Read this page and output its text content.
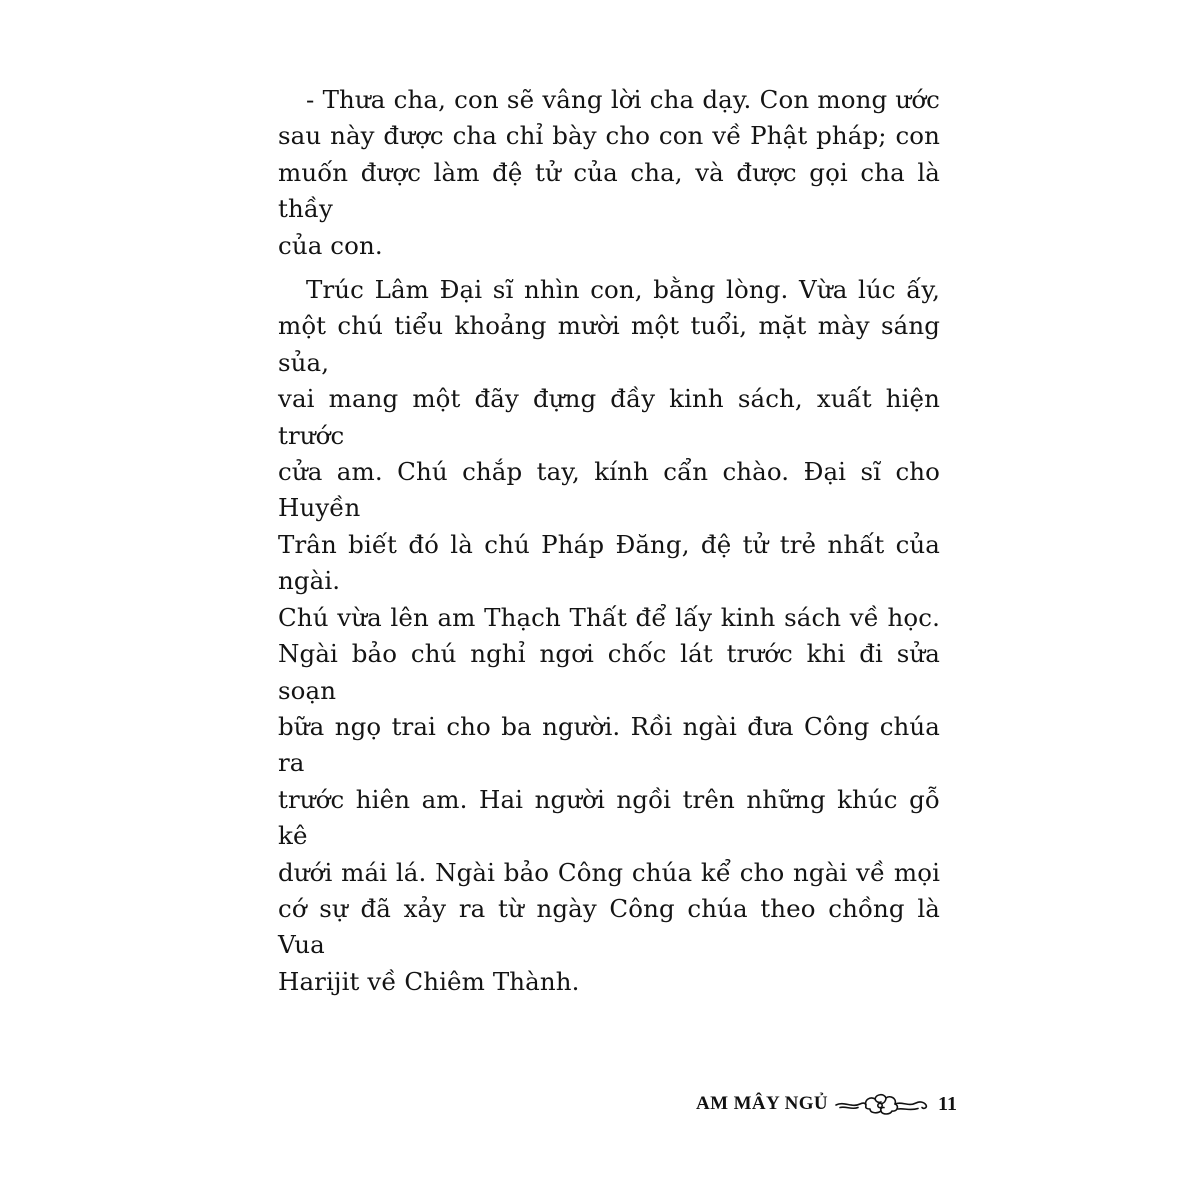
- Thưa cha, con sẽ vâng lời cha dạy. Con mong ước
sau này được cha chỉ bày cho con về Phật pháp; con
muốn được làm đệ tử của cha, và được gọi cha là thầy
của con.
Trúc Lâm Đại sĩ nhìn con, bằng lòng. Vừa lúc ấy,
một chú tiểu khoảng mười một tuổi, mặt mày sáng sủa,
vai mang một đãy đựng đầy kinh sách, xuất hiện trước
cửa am. Chú chắp tay, kính cẩn chào. Đại sĩ cho Huyền
Trân biết đó là chú Pháp Đăng, đệ tử trẻ nhất của ngài.
Chú vừa lên am Thạch Thất để lấy kinh sách về học.
Ngài bảo chú nghỉ ngơi chốc lát trước khi đi sửa soạn
bữa ngọ trai cho ba người. Rồi ngài đưa Công chúa ra
trước hiên am. Hai người ngồi trên những khúc gỗ kê
dưới mái lá. Ngài bảo Công chúa kể cho ngài về mọi
cớ sự đã xảy ra từ ngày Công chúa theo chồng là Vua
Harijit về Chiêm Thành.
AM MÂY NGỦ	11
